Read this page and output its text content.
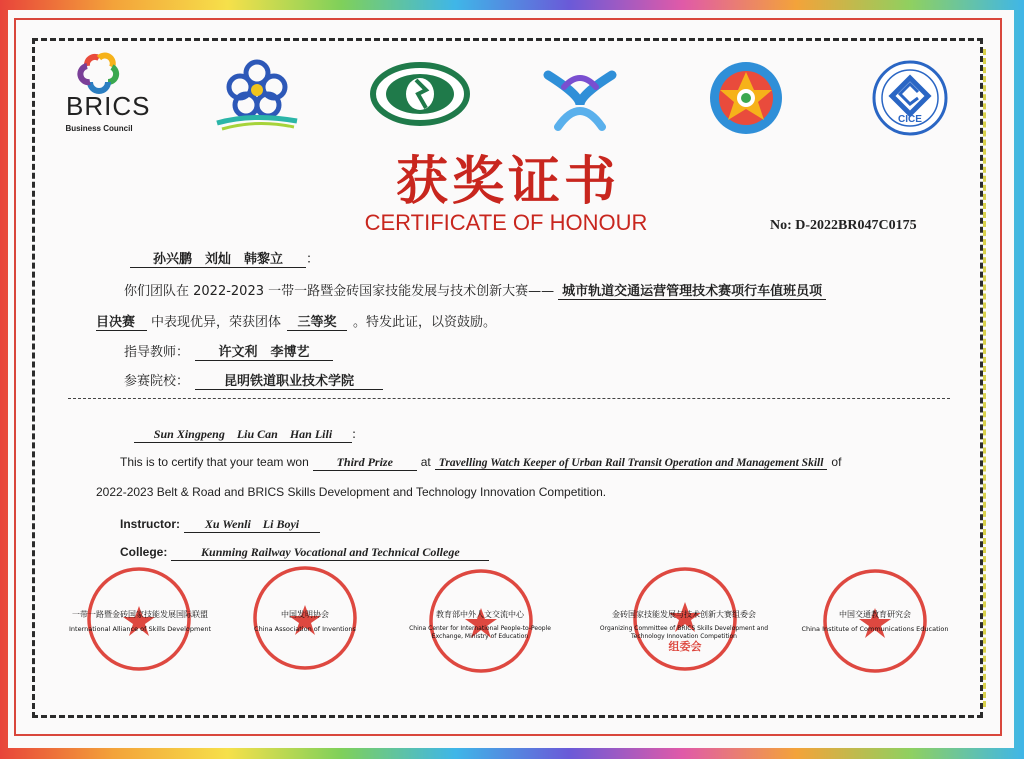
BRICS
Business Council
CICE
获奖证书
CERTIFICATE OF HONOUR	No: D-2022BR047C0175
孙兴鹏　刘灿　韩黎立 ：
你们团队在 2022-2023 一带一路暨金砖国家技能发展与技术创新大赛—— 城市轨道交通运营管理技术赛项行车值班员项
目决赛 中表现优异，荣获团体 三等奖 。特发此证，以资鼓励。
指导教师： 许文利　李博艺
参赛院校：	昆明铁道职业技术学院
Sun Xingpeng　Liu Can　Han Lili :
This is to certify that your team won Third Prize at Travelling Watch Keeper of Urban Rail Transit Operation and Management Skill of
2022-2023 Belt & Road and BRICS Skills Development and Technology Innovation Competition.
Instructor: Xu Wenli　Li Boyi
College:	Kunming Railway Vocational and Technical College
一带一路暨金砖国家技能发展国际联盟
International Alliance of Skills Development
中国发明协会
China Association of Inventions
教育部中外人文交流中心
China Center for International People-to-People Exchange, Ministry of Education
组委会
金砖国家技能发展与技术创新大赛组委会
Organizing Committee of BRICS Skills Development and Technology Innovation Competition
中国交通教育研究会
China Institute of Communications Education
